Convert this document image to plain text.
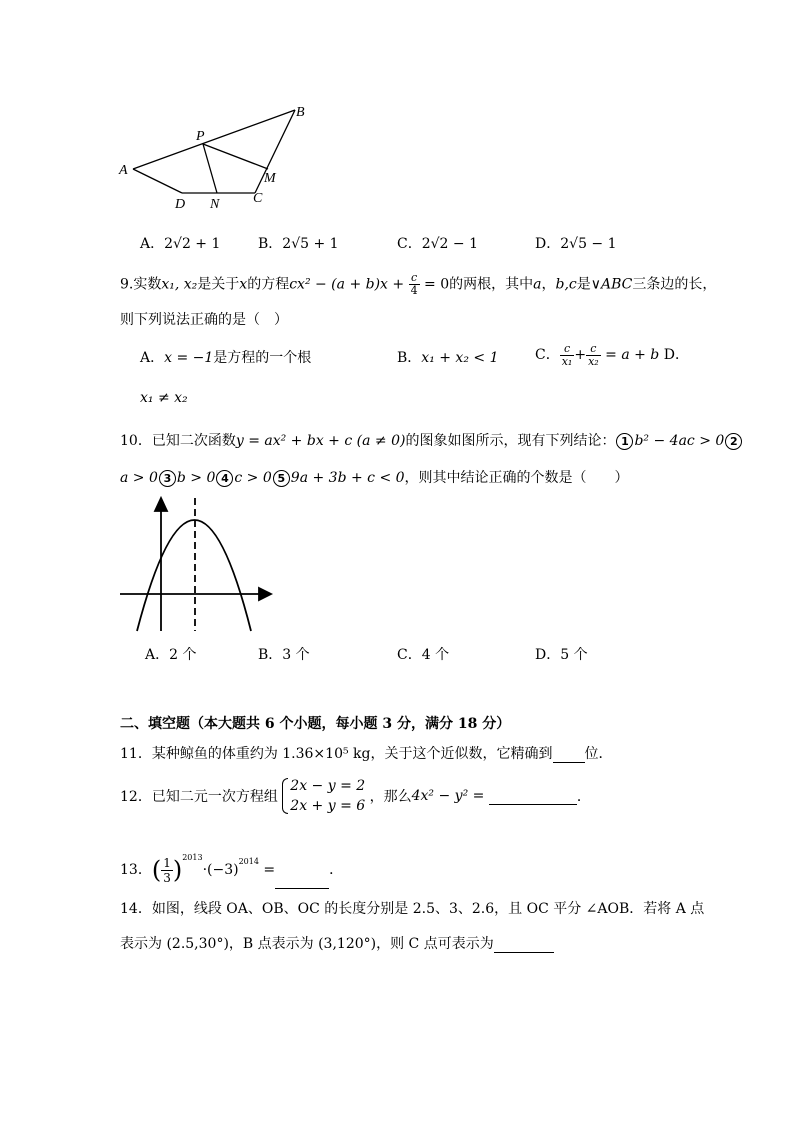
B
P
A
M
D N C
A．2√2 + 1	B．2√5 + 1	C．2√2 − 1	D．2√5 − 1
9.实数x₁, x₂是关于x的方程$cx^2 - (a + b)x + \frac{c}{4} = 0$的两根，其中a，b,c是∨ABC三条边的长，
则下列说法正确的是（　）
A．x = −1是方程的一个根	B．x₁ + x₂ < 1	C． $\frac{c}{\text{x₁}} + \frac{c}{\text{x₂}} = a + b$ D．
x₁ ≠ x₂
10．已知二次函数y = ax² + bx + c (a ≠ 0)的图象如图所示，现有下列结论： 1 b² − 4ac > 0 2
a > 0 3 b > 0 4 c > 0 5 9a + 3b + c < 0，则其中结论正确的个数是（　　）
A．2 个	B．3 个	C．4 个	D．5 个
二、填空题（本大题共 6 个小题，每小题 3 分，满分 18 分）
11．某种鲸鱼的体重约为 1.36×10⁵ kg，关于这个近似数，它精确到 位．
12．已知二元一次方程组
2x − y = 2
2x + y = 6
，那么4x² − y² =	．
13．( $\frac{1}{3} )^{2013}\cdot(-3)^{2014}$ =	．
14．如图，线段 OA、OB、OC 的长度分别是 2.5、3、2.6，且 OC 平分 ∠AOB．若将 A 点
表示为 (2.5,30°)，B 点表示为 (3,120°)，则 C 点可表示为
